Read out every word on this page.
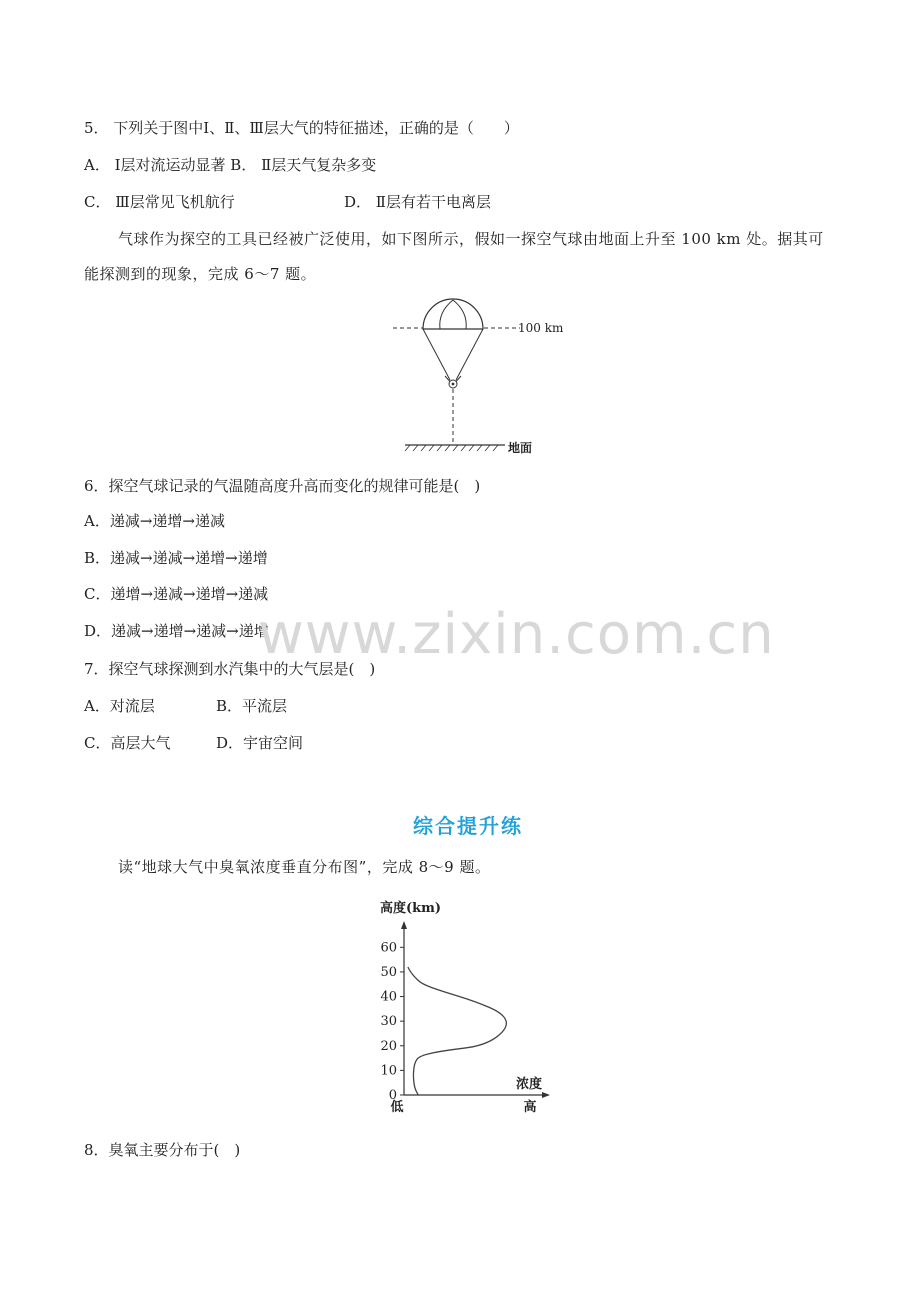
5． 下列关于图中Ⅰ、Ⅱ、Ⅲ层大气的特征描述，正确的是（　　）
A． Ⅰ层对流运动显著 B． Ⅱ层天气复杂多变
C． Ⅲ层常见飞机航行	D． Ⅱ层有若干电离层
气球作为探空的工具已经被广泛使用，如下图所示，假如一探空气球由地面上升至 100 km 处。据其可
能探测到的现象，完成 6～7 题。
100 km
地面
6．探空气球记录的气温随高度升高而变化的规律可能是(　)
A．递减→递增→递减
B．递减→递减→递增→递增
C．递增→递减→递增→递减
D．递减→递增→递减→递增
www.zixin.com.cn
7．探空气球探测到水汽集中的大气层是(　)
A．对流层	B．平流层
C．高层大气	D．宇宙空间
综合提升练
读“地球大气中臭氧浓度垂直分布图”，完成 8～9 题。
高度(km)
浓度
低	高
0
10
20
30
40
50
60
8．臭氧主要分布于(　)
